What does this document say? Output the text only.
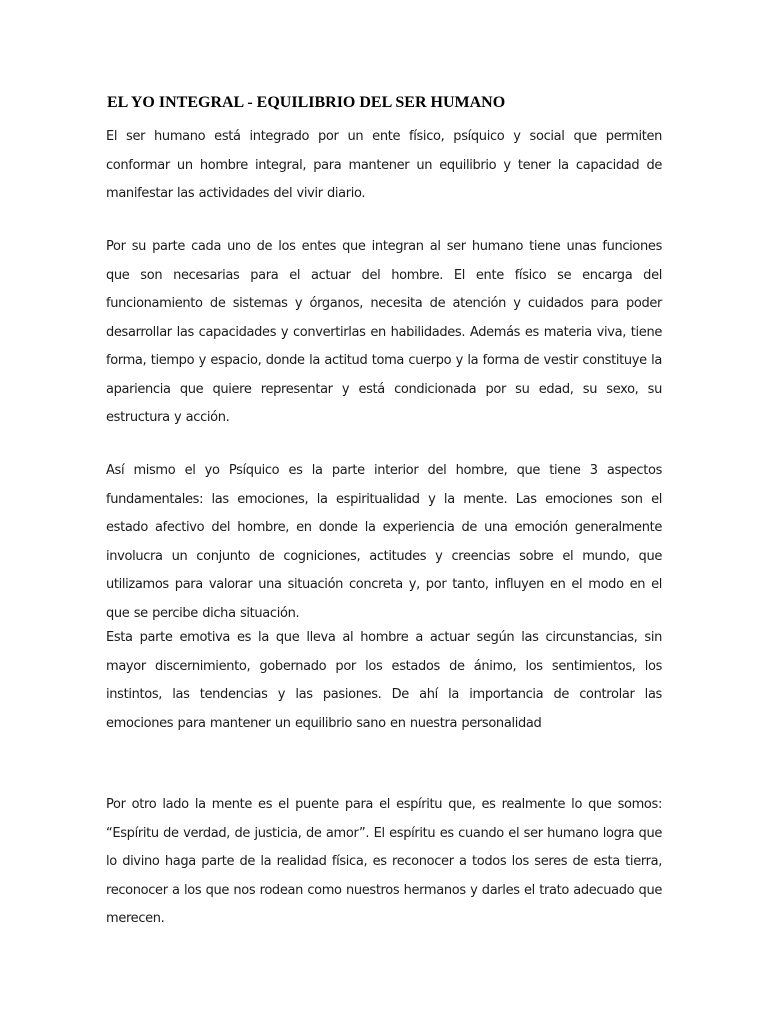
EL YO INTEGRAL - EQUILIBRIO DEL SER HUMANO

El ser humano está integrado por un ente físico, psíquico y social que permiten conformar un hombre integral, para mantener un equilibrio y tener la capacidad de manifestar las actividades del vivir diario.

Por su parte cada uno de los entes que integran al ser humano tiene unas funciones que son necesarias para el actuar del hombre. El ente físico se encarga del funcionamiento de sistemas y órganos, necesita de atención y cuidados para poder desarrollar las capacidades y convertirlas en habilidades. Además es materia viva, tiene forma, tiempo y espacio, donde la actitud toma cuerpo y la forma de vestir constituye la apariencia que quiere representar y está condicionada por su edad, su sexo, su estructura y acción.

Así mismo el yo Psíquico es la parte interior del hombre, que tiene 3 aspectos fundamentales: las emociones, la espiritualidad y la mente. Las emociones son el estado afectivo del hombre, en donde la experiencia de una emoción generalmente involucra un conjunto de cogniciones, actitudes y creencias sobre el mundo, que utilizamos para valorar una situación concreta y, por tanto, influyen en el modo en el que se percibe dicha situación.

Esta parte emotiva es la que lleva al hombre a actuar según las circunstancias, sin mayor discernimiento, gobernado por los estados de ánimo, los sentimientos, los instintos, las tendencias y las pasiones. De ahí la importancia de controlar las emociones para mantener un equilibrio sano en nuestra personalidad

Por otro lado la mente es el puente para el espíritu que, es realmente lo que somos: “Espíritu de verdad, de justicia, de amor”. El espíritu es cuando el ser humano logra que lo divino haga parte de la realidad física, es reconocer a todos los seres de esta tierra, reconocer a los que nos rodean como nuestros hermanos y darles el trato adecuado que merecen.
